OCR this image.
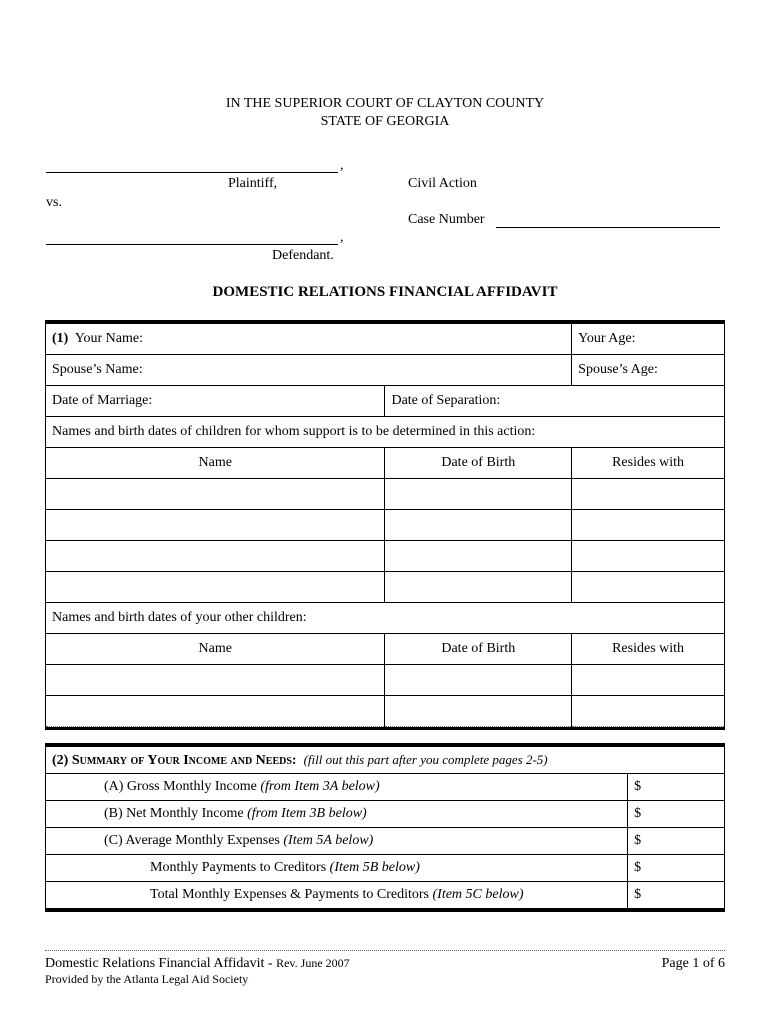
IN THE SUPERIOR COURT OF CLAYTON COUNTY
STATE OF GEORGIA
,
Plaintiff,	Civil Action
vs.
Case Number
,
Defendant.
DOMESTIC RELATIONS FINANCIAL AFFIDAVIT
(1) Your Name:		Your Age:
Spouse’s Name:		Spouse’s Age:
Date of Marriage:	Date of Separation:	
Names and birth dates of children for whom support is to be determined in this action:		
Name	Date of Birth	Resides with

Names and birth dates of your other children:		
Name	Date of Birth	Resides with

(2) Summary of Your Income and Needs: (fill out this part after you complete pages 2-5)	
(A) Gross Monthly Income (from Item 3A below)	$
(B) Net Monthly Income (from Item 3B below)	$
(C) Average Monthly Expenses (Item 5A below)	$
Monthly Payments to Creditors (Item 5B below)	$
Total Monthly Expenses & Payments to Creditors (Item 5C below)	$
Domestic Relations Financial Affidavit - Rev. June 2007
Provided by the Atlanta Legal Aid Society
Page 1 of 6
